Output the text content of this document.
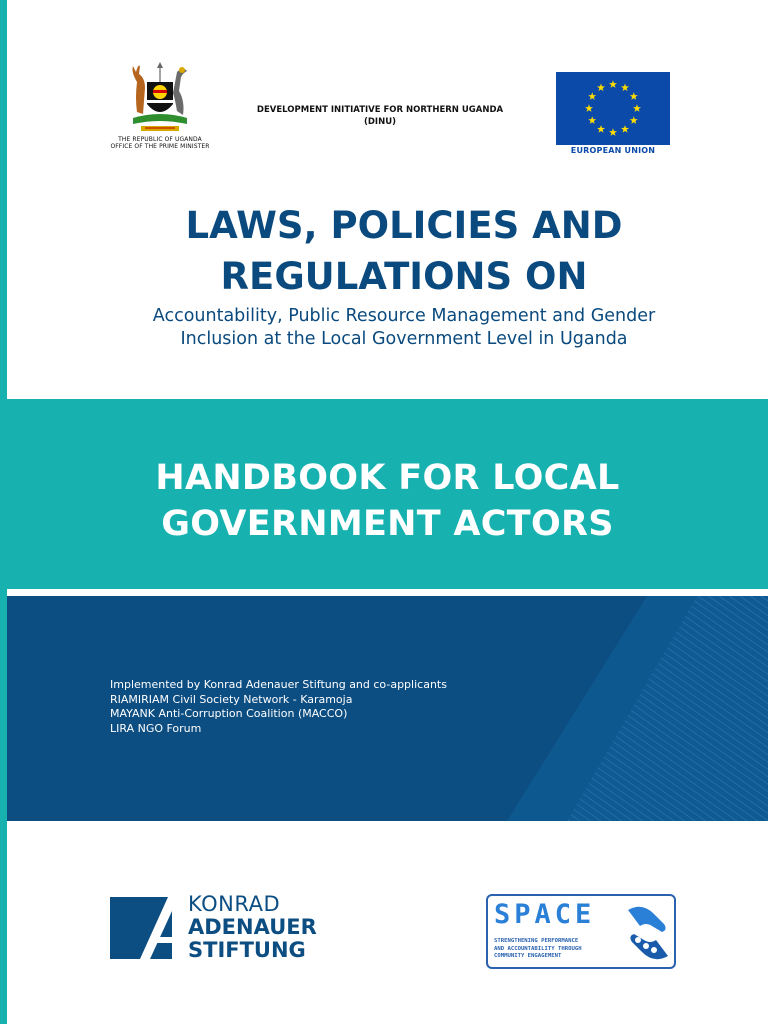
THE REPUBLIC OF UGANDA
OFFICE OF THE PRIME MINISTER
DEVELOPMENT INITIATIVE FOR NORTHERN UGANDA
(DINU)
EUROPEAN UNION
LAWS, POLICIES AND
REGULATIONS ON
Accountability, Public Resource Management and Gender
Inclusion at the Local Government Level in Uganda
HANDBOOK FOR LOCAL
GOVERNMENT ACTORS
Implemented by Konrad Adenauer Stiftung and co-applicants
RIAMIRIAM Civil Society Network - Karamoja
MAYANK Anti-Corruption Coalition (MACCO)
LIRA NGO Forum
KONRAD
ADENAUER
STIFTUNG
SPACE
STRENGTHENING PERFORMANCE
AND ACCOUNTABILITY THROUGH
COMMUNITY ENGAGEMENT
